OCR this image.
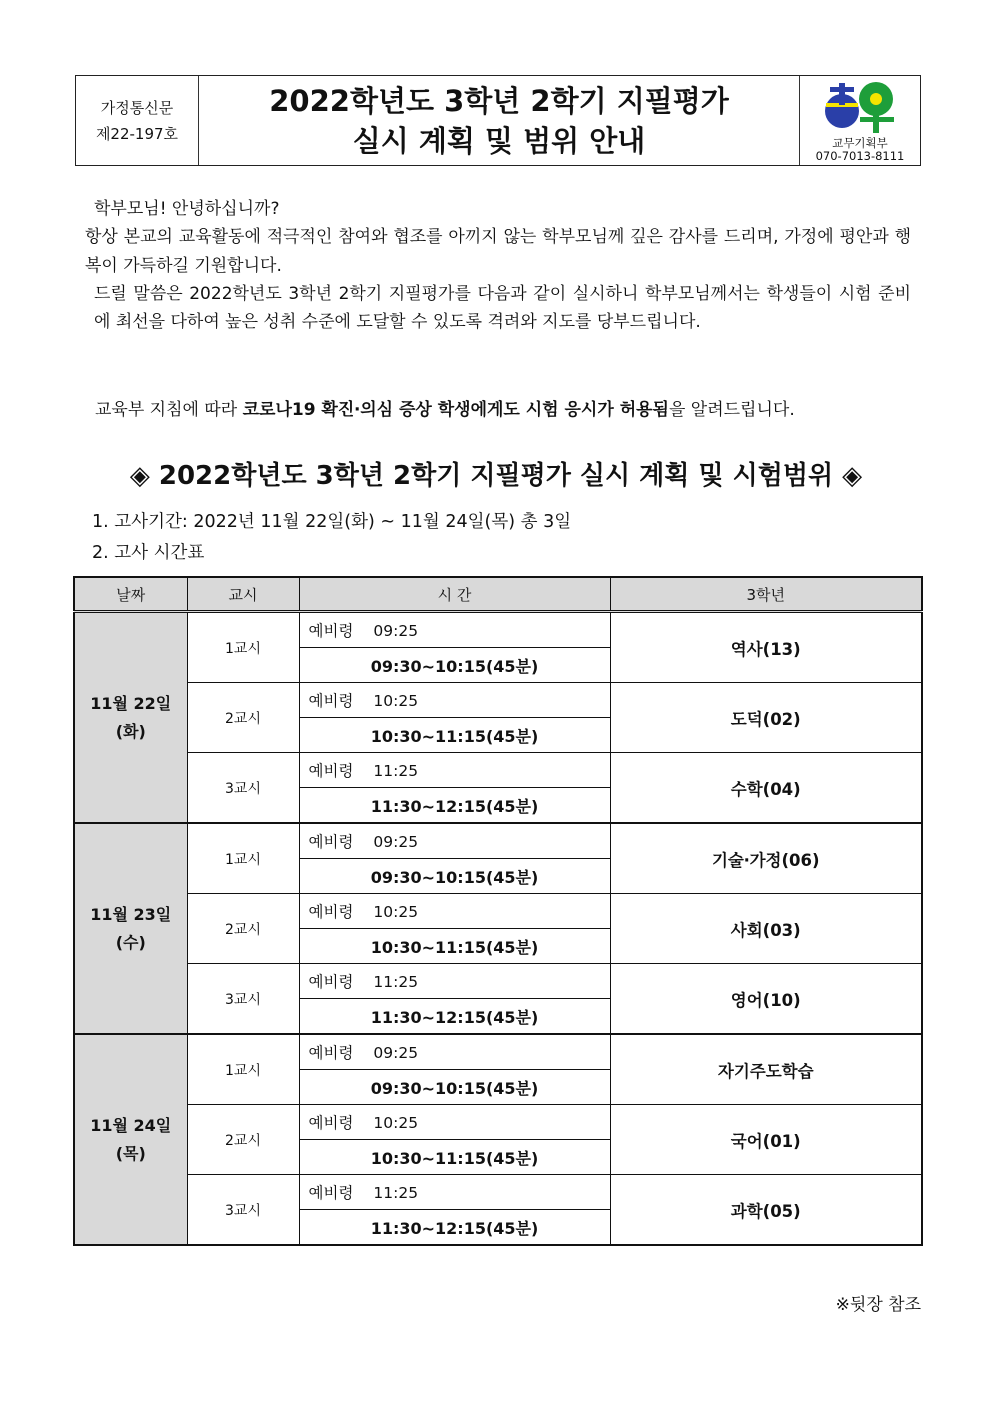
가정통신문
제22-197호
2022학년도 3학년 2학기 지필평가
실시 계획 및 범위 안내	교무기획부
070-7013-8111

학부모님! 안녕하십니까?

항상 본교의 교육활동에 적극적인 참여와 협조를 아끼지 않는 학부모님께 깊은 감사를 드리며, 가정에 평안과 행복이 가득하길 기원합니다.

드릴 말씀은 2022학년도 3학년 2학기 지필평가를 다음과 같이 실시하니 학부모님께서는 학생들이 시험 준비에 최선을 다하여 높은 성취 수준에 도달할 수 있도록 격려와 지도를 당부드립니다.

교육부 지침에 따라 코로나19 확진‧의심 증상 학생에게도 시험 응시가 허용됨을 알려드립니다.
◈ 2022학년도 3학년 2학기 지필평가 실시 계획 및 시험범위 ◈
1. 고사기간: 2022년 11월 22일(화) ~ 11월 24일(목) 총 3일
2. 고사 시간표
날짜	교시	시 간	3학년

11월 22일
(화)	1교시	예비령 09:25	역사(13)
		09:30~10:15(45분)	
	2교시	예비령 10:25	도덕(02)
		10:30~11:15(45분)	
	3교시	예비령 11:25	수학(04)
		11:30~12:15(45분)	

11월 23일
(수)	1교시	예비령 09:25	기술‧가정(06)
		09:30~10:15(45분)	
	2교시	예비령 10:25	사회(03)
		10:30~11:15(45분)	
	3교시	예비령 11:25	영어(10)
		11:30~12:15(45분)	

11월 24일
(목)	1교시	예비령 09:25	자기주도학습
		09:30~10:15(45분)	
	2교시	예비령 10:25	국어(01)
		10:30~11:15(45분)	
	3교시	예비령 11:25	과학(05)
		11:30~12:15(45분)	
※뒷장 참조
